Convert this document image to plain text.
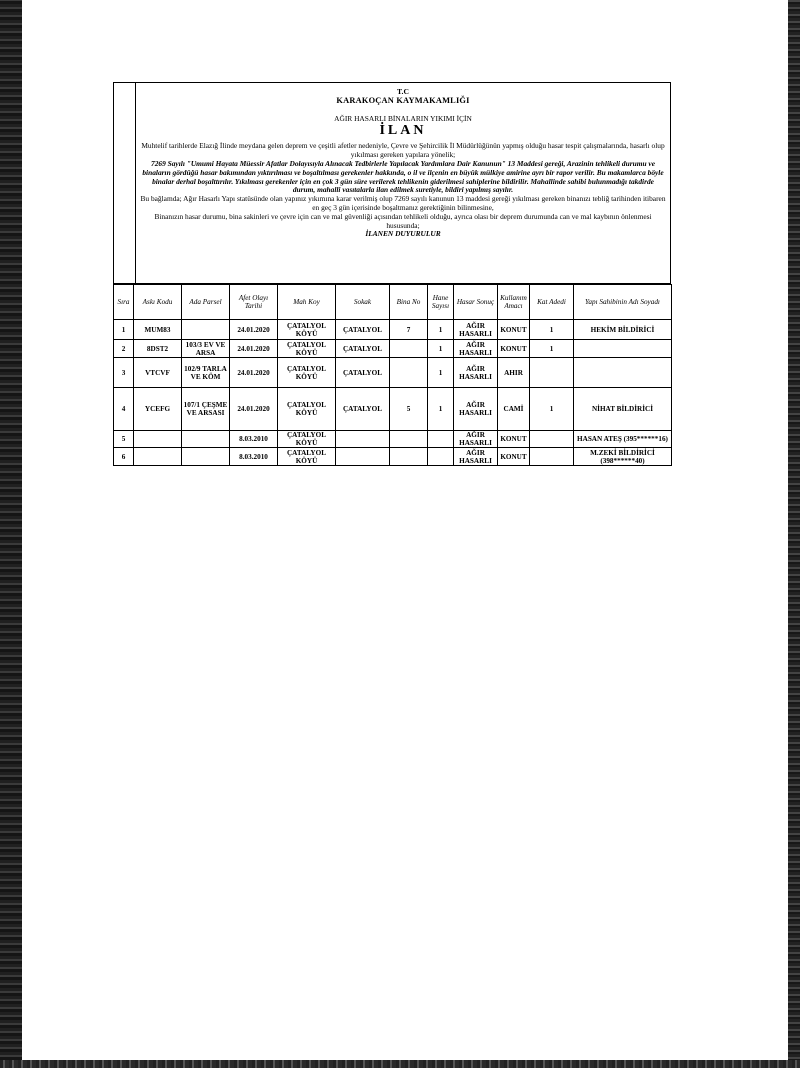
T.C
KARAKOÇAN KAYMAKAMLIĞI
AĞIR HASARLI BİNALARIN YIKIMI İÇİN
İLAN
Muhtelif tarihlerde Elazığ İlinde meydana gelen deprem ve çeşitli afetler nedeniyle, Çevre ve Şehircilik İl Müdürlüğünün yapmış olduğu hasar tespit çalışmalarında, hasarlı olup yıkılması gereken yapılara yönelik;
7269 Sayılı "Umumi Hayata Müessir Afatlar Dolayısıyla Alınacak Tedbirlerle Yapılacak Yardımlara Dair Kanunun" 13 Maddesi gereği, Arazinin tehlikeli durumu ve binaların gördüğü hasar bakımından yıktırılması ve boşaltılması gerekenler hakkında, o il ve ilçenin en büyük mülkiye amirine ayrı bir rapor verilir. Bu makamlarca böyle binalar derhal boşalttırılır. Yıkılması gerekenler için en çok 3 gün süre verilerek tehlikenin giderilmesi sahiplerine bildirilir. Mahallinde sahibi bulunmadığı takdirde durum, mahalli vasıtalarla ilan edilmek suretiyle, bildiri yapılmış sayılır.
Bu bağlamda; Ağır Hasarlı Yapı statüsünde olan yapınız yıkımına karar verilmiş olup 7269 sayılı kanunun 13 maddesi gereği yıkılması gereken binanızı tebliğ tarihinden itibaren en geç 3 gün içerisinde boşaltmanız gerektiğinin bilinmesine,
Binanızın hasar durumu, bina sakinleri ve çevre için can ve mal güvenliği açısından tehlikeli olduğu, ayrıca olası bir deprem durumunda can ve mal kaybının önlenmesi hususunda;
İLANEN DUYURULUR
Sıra	Askı Kodu	Ada Parsel	Afet Olayı Tarihi	Mah Koy	Sokak	Bina No	Hane Sayısı	Hasar Sonuç	Kullanım Amacı	Kat Adedi	Yapı Sahibinin Adı Soyadı
1	MUM83		24.01.2020	ÇATALYOL KÖYÜ	ÇATALYOL	7	1	AĞIR HASARLI	KONUT	1	HEKİM BİLDİRİCİ
2	8DST2	103/3 EV VE ARSA	24.01.2020	ÇATALYOL KÖYÜ	ÇATALYOL		1	AĞIR HASARLI	KONUT	1	
3	VTCVF	102/9 TARLA VE KÖM	24.01.2020	ÇATALYOL KÖYÜ	ÇATALYOL		1	AĞIR HASARLI	AHIR		
4	YCEFG	107/1 ÇEŞME VE ARSASI	24.01.2020	ÇATALYOL KÖYÜ	ÇATALYOL	5	1	AĞIR HASARLI	CAMİ	1	NİHAT BİLDİRİCİ
5			8.03.2010	ÇATALYOL KÖYÜ				AĞIR HASARLI	KONUT		HASAN ATEŞ (395******16)
6			8.03.2010	ÇATALYOL KÖYÜ				AĞIR HASARLI	KONUT		M.ZEKİ BİLDİRİCİ (398******40)
